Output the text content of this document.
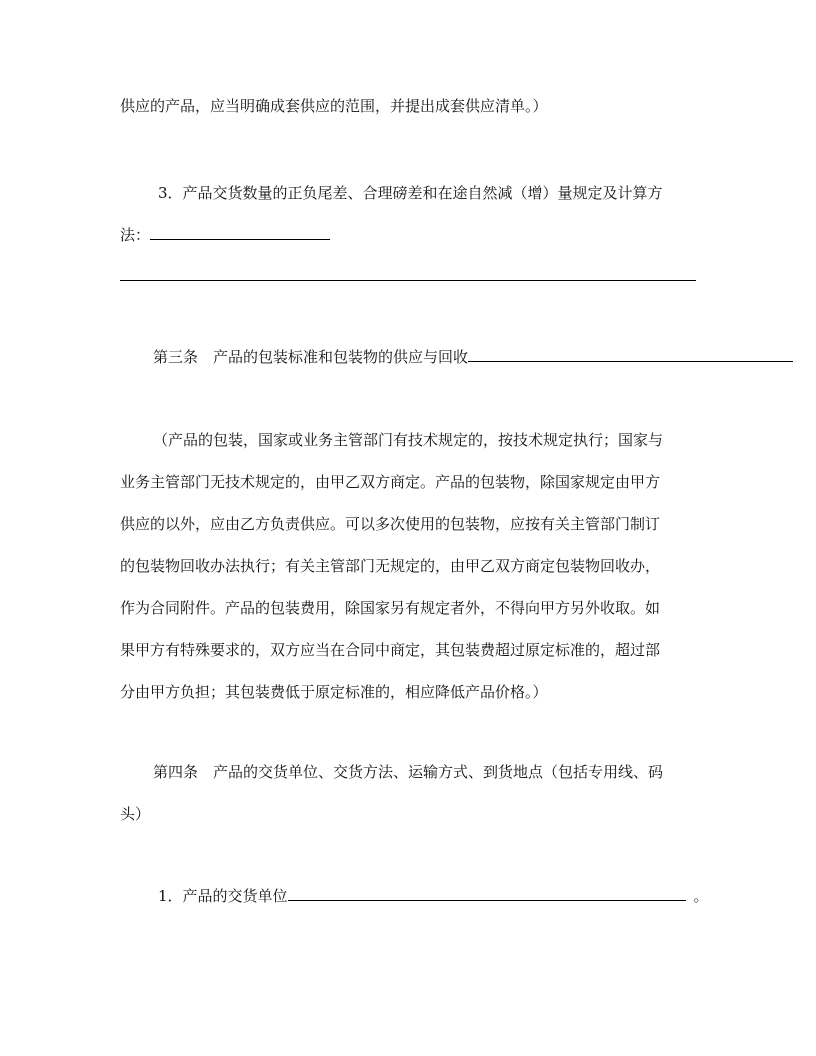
供应的产品，应当明确成套供应的范围，并提出成套供应清单。）
3．产品交货数量的正负尾差、合理磅差和在途自然减（增）量规定及计算方
法：
第三条　产品的包装标准和包装物的供应与回收
（产品的包装，国家或业务主管部门有技术规定的，按技术规定执行；国家与
业务主管部门无技术规定的，由甲乙双方商定。产品的包装物，除国家规定由甲方
供应的以外，应由乙方负责供应。可以多次使用的包装物，应按有关主管部门制订
的包装物回收办法执行；有关主管部门无规定的，由甲乙双方商定包装物回收办，
作为合同附件。产品的包装费用，除国家另有规定者外，不得向甲方另外收取。如
果甲方有特殊要求的，双方应当在合同中商定，其包装费超过原定标准的，超过部
分由甲方负担；其包装费低于原定标准的，相应降低产品价格。）
第四条　产品的交货单位、交货方法、运输方式、到货地点（包括专用线、码
头）
1．产品的交货单位	。
